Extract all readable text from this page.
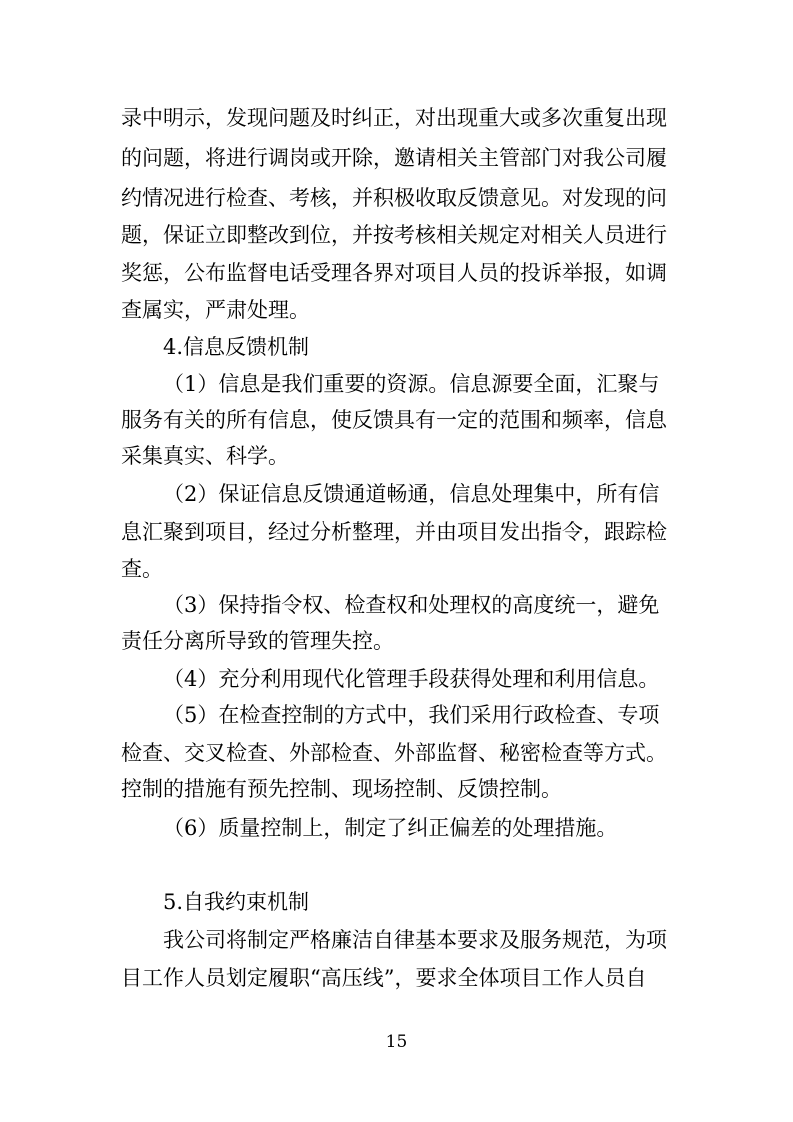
录中明示，发现问题及时纠正，对出现重大或多次重复出现
的问题，将进行调岗或开除，邀请相关主管部门对我公司履
约情况进行检查、考核，并积极收取反馈意见。对发现的问
题，保证立即整改到位，并按考核相关规定对相关人员进行
奖惩，公布监督电话受理各界对项目人员的投诉举报，如调
查属实，严肃处理。
4.信息反馈机制
（1）信息是我们重要的资源。信息源要全面，汇聚与
服务有关的所有信息，使反馈具有一定的范围和频率，信息
采集真实、科学。
（2）保证信息反馈通道畅通，信息处理集中，所有信
息汇聚到项目，经过分析整理，并由项目发出指令，跟踪检
查。
（3）保持指令权、检查权和处理权的高度统一，避免
责任分离所导致的管理失控。
（4）充分利用现代化管理手段获得处理和利用信息。
（5）在检查控制的方式中，我们采用行政检查、专项
检查、交叉检查、外部检查、外部监督、秘密检查等方式。
控制的措施有预先控制、现场控制、反馈控制。
（6）质量控制上，制定了纠正偏差的处理措施。
5.自我约束机制
我公司将制定严格廉洁自律基本要求及服务规范，为项
目工作人员划定履职“高压线”，要求全体项目工作人员自
15
